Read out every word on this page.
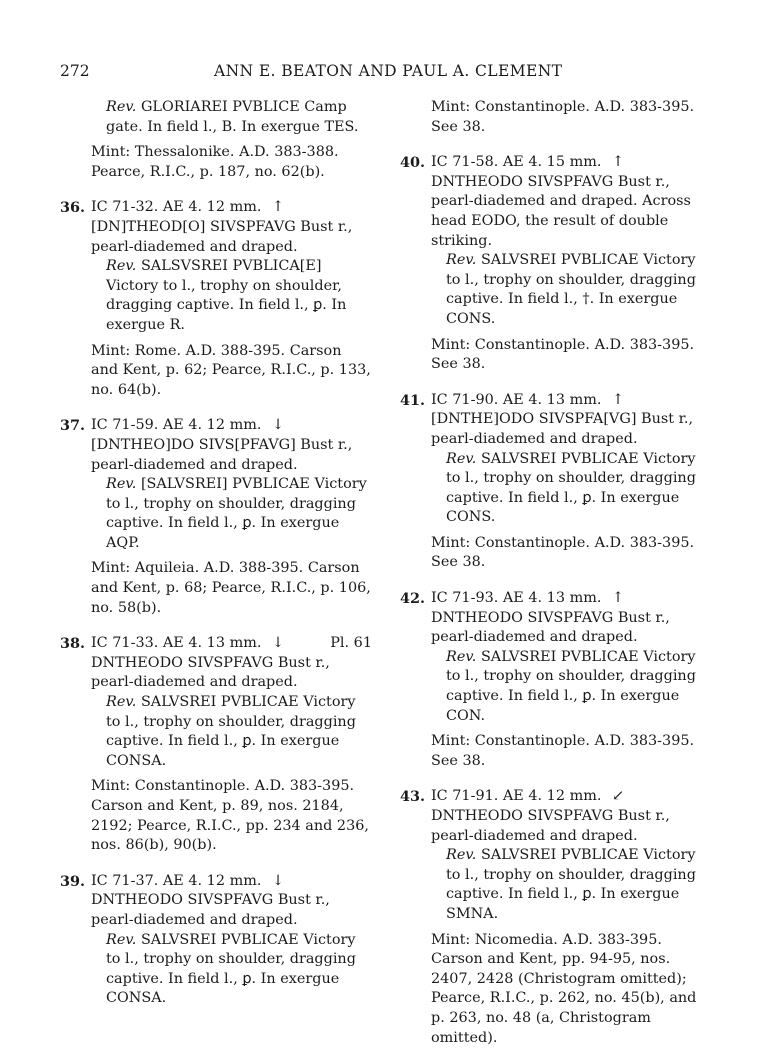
272	ANN E. BEATON AND PAUL A. CLEMENT

Rev. GLORIAREI PVBLICE Camp gate. In field l., B. In exergue TES.

Mint: Thessalonike. A.D. 383-388. Pearce, R.I.C., p. 187, no. 62(b).

36. IC 71-32. AE 4. 12 mm. ↑

[DN]THEOD[O] SIVSPFAVG Bust r., pearl-diademed and draped.

Rev. SALSVSREI PVBLICA[E] Victory to l., trophy on shoulder, dragging captive. In field l., ꝑ. In exergue R.

Mint: Rome. A.D. 388-395. Carson and Kent, p. 62; Pearce, R.I.C., p. 133, no. 64(b).

37. IC 71-59. AE 4. 12 mm. ↓

[DNTHEO]DO SIVS[PFAVG] Bust r., pearl-diademed and draped.

Rev. [SALVSREI] PVBLICAE Victory to l., trophy on shoulder, dragging captive. In field l., ꝑ. In exergue AQP.

Mint: Aquileia. A.D. 388-395. Carson and Kent, p. 68; Pearce, R.I.C., p. 106, no. 58(b).

38. IC 71-33. AE 4. 13 mm. ↓	Pl. 61

DNTHEODO SIVSPFAVG Bust r., pearl-diademed and draped.

Rev. SALVSREI PVBLICAE Victory to l., trophy on shoulder, dragging captive. In field l., ꝑ. In exergue CONSA.

Mint: Constantinople. A.D. 383-395. Carson and Kent, p. 89, nos. 2184, 2192; Pearce, R.I.C., pp. 234 and 236, nos. 86(b), 90(b).

39. IC 71-37. AE 4. 12 mm. ↓

DNTHEODO SIVSPFAVG Bust r., pearl-diademed and draped.

Rev. SALVSREI PVBLICAE Victory to l., trophy on shoulder, dragging captive. In field l., ꝑ. In exergue CONSA.

Mint: Constantinople. A.D. 383-395. See 38.

40. IC 71-58. AE 4. 15 mm. ↑

DNTHEODO SIVSPFAVG Bust r., pearl-diademed and draped. Across head EODO, the result of double striking.

Rev. SALVSREI PVBLICAE Victory to l., trophy on shoulder, dragging captive. In field l., †. In exergue CONS.

Mint: Constantinople. A.D. 383-395. See 38.

41. IC 71-90. AE 4. 13 mm. ↑

[DNTHE]ODO SIVSPFA[VG] Bust r., pearl-diademed and draped.

Rev. SALVSREI PVBLICAE Victory to l., trophy on shoulder, dragging captive. In field l., ꝑ. In exergue CONS.

Mint: Constantinople. A.D. 383-395. See 38.

42. IC 71-93. AE 4. 13 mm. ↑

DNTHEODO SIVSPFAVG Bust r., pearl-diademed and draped.

Rev. SALVSREI PVBLICAE Victory to l., trophy on shoulder, dragging captive. In field l., ꝑ. In exergue CON.

Mint: Constantinople. A.D. 383-395. See 38.

43. IC 71-91. AE 4. 12 mm. ↙

DNTHEODO SIVSPFAVG Bust r., pearl-diademed and draped.

Rev. SALVSREI PVBLICAE Victory to l., trophy on shoulder, dragging captive. In field l., ꝑ. In exergue SMNA.

Mint: Nicomedia. A.D. 383-395. Carson and Kent, pp. 94-95, nos. 2407, 2428 (Christogram omitted); Pearce, R.I.C., p. 262, no. 45(b), and p. 263, no. 48 (a, Christogram omitted).
